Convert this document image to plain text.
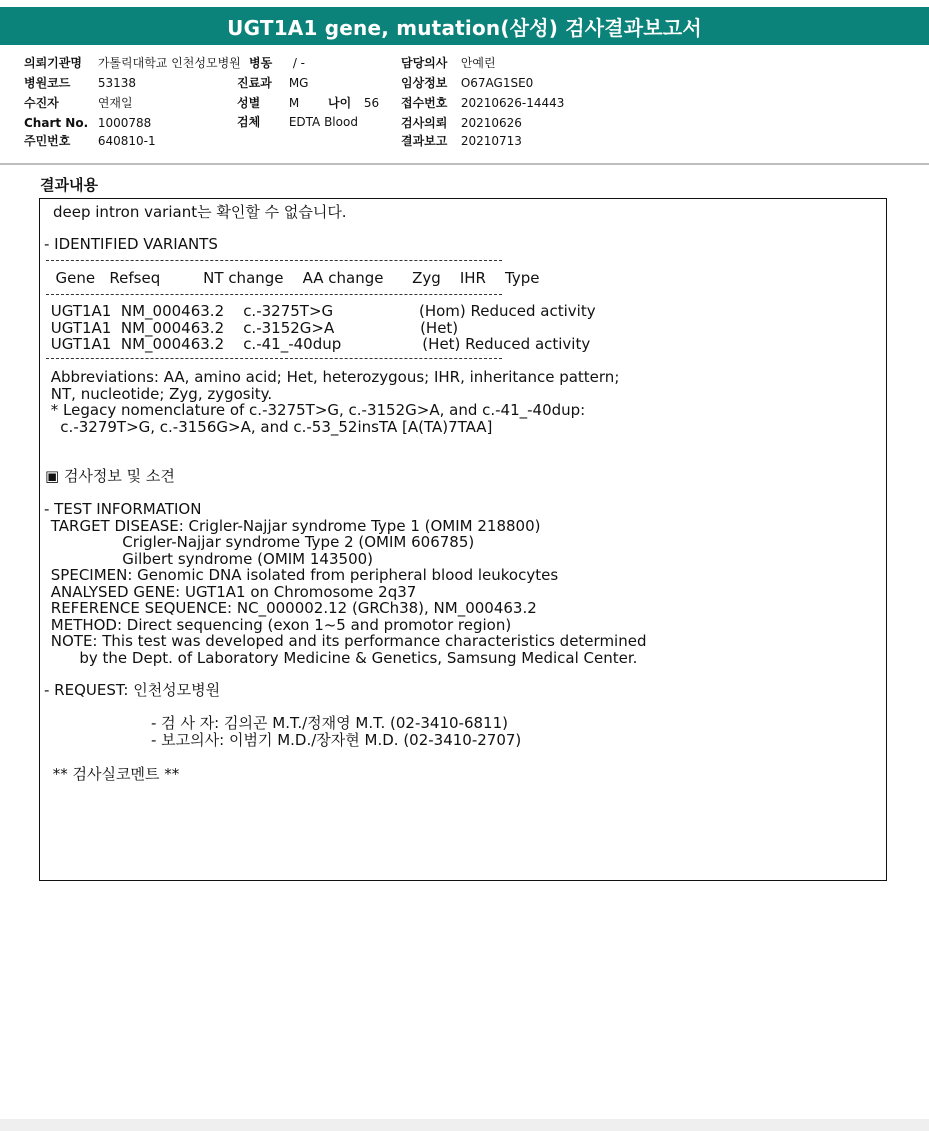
UGT1A1 gene, mutation(삼성) 검사결과보고서
의뢰기관명 가톨릭대학교 인천성모병원
병원코드 53138
수진자	연재일
Chart No. 1000788
주민번호 640810-1
병동 / -
진료과 MG
성별 M 나이 56
검체 EDTA Blood
담당의사 안예린
임상정보 O67AG1SE0
접수번호 20210626-14443
검사의뢰 20210626
결과보고 20210713
결과내용
deep intron variant는 확인할 수 없습니다.
- IDENTIFIED VARIANTS
Gene   Refseq         NT change    AA change      Zyg    IHR    Type
UGT1A1  NM_000463.2    c.-3275T>G                  (Hom) Reduced activity
UGT1A1  NM_000463.2    c.-3152G>A                  (Het)
UGT1A1  NM_000463.2    c.-41_-40dup                 (Het) Reduced activity
Abbreviations: AA, amino acid; Het, heterozygous; IHR, inheritance pattern;
NT, nucleotide; Zyg, zygosity.
* Legacy nomenclature of c.-3275T>G, c.-3152G>A, and c.-41_-40dup:
c.-3279T>G, c.-3156G>A, and c.-53_52insTA [A(TA)7TAA]
▣ 검사정보 및 소견
- TEST INFORMATION
TARGET DISEASE: Crigler-Najjar syndrome Type 1 (OMIM 218800)
Crigler-Najjar syndrome Type 2 (OMIM 606785)
Gilbert syndrome (OMIM 143500)
SPECIMEN: Genomic DNA isolated from peripheral blood leukocytes
ANALYSED GENE: UGT1A1 on Chromosome 2q37
REFERENCE SEQUENCE: NC_000002.12 (GRCh38), NM_000463.2
METHOD: Direct sequencing (exon 1~5 and promotor region)
NOTE: This test was developed and its performance characteristics determined
by the Dept. of Laboratory Medicine & Genetics, Samsung Medical Center.
- REQUEST: 인천성모병원
- 검 사 자: 김의곤 M.T./정재영 M.T. (02-3410-6811)
- 보고의사: 이범기 M.D./장자현 M.D. (02-3410-2707)
** 검사실코멘트 **
